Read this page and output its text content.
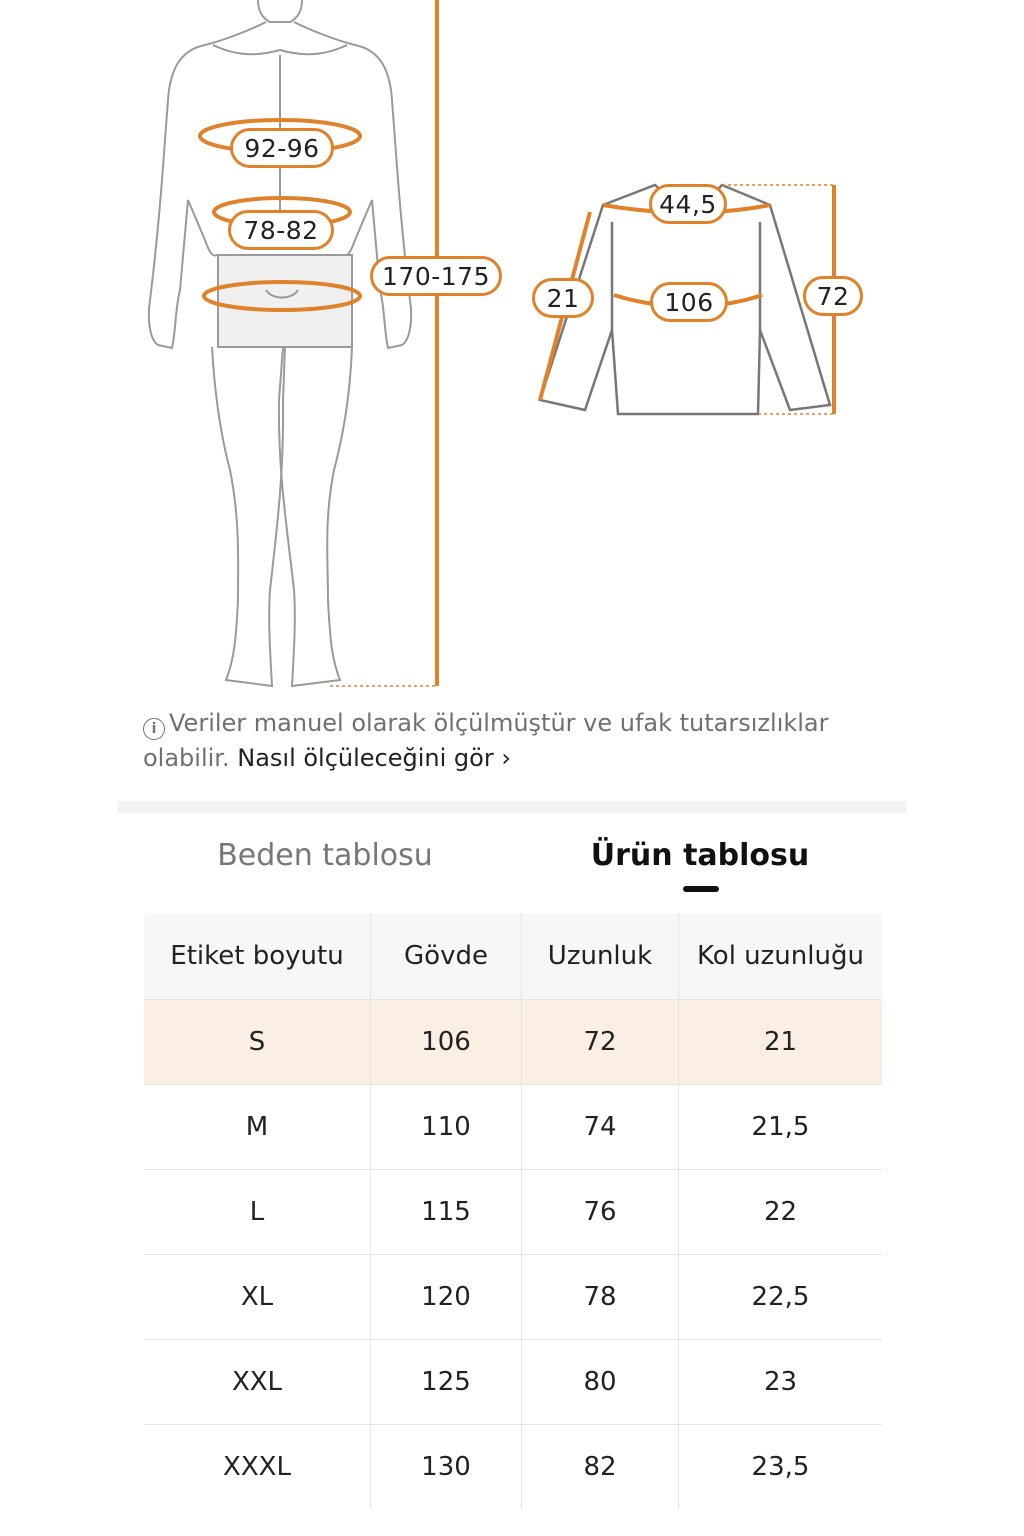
92-96
78-82
170-175
44,5
21	106	72
i Veriler manuel olarak ölçülmüştür ve ufak tutarsızlıklar olabilir. Nasıl ölçüleceğini gör ›
Beden tablosu	Ürün tablosu
Etiket boyutu	Gövde	Uzunluk	Kol uzunluğu
S	106	72	21
M	110	74	21,5
L	115	76	22
XL	120	78	22,5
XXL	125	80	23
XXXL	130	82	23,5
